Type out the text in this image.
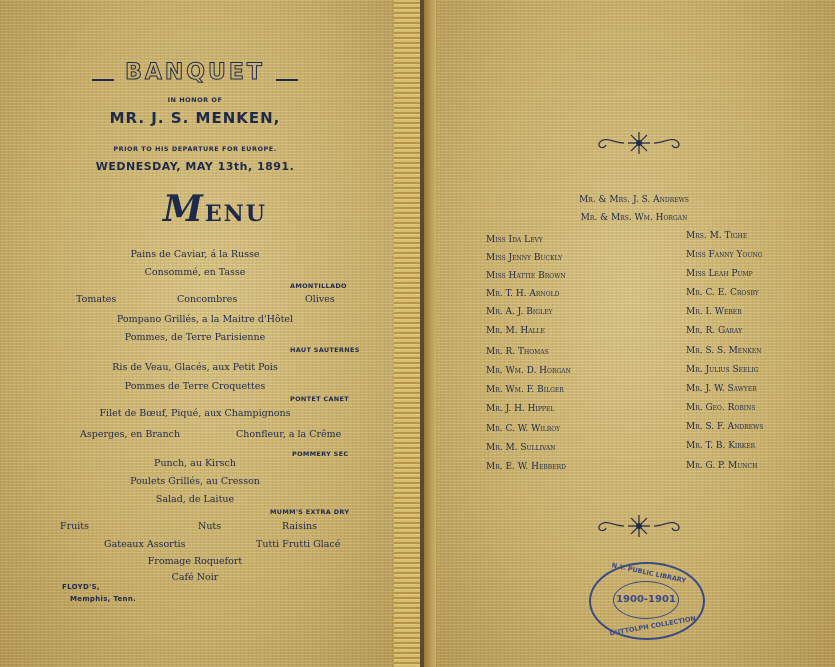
BANQUET
IN HONOR OF
MR. J. S. MENKEN,
PRIOR TO HIS DEPARTURE FOR EUROPE.
WEDNESDAY, MAY 13th, 1891.
MENU
Pains de Caviar, á la Russe
Consommé, en Tasse
AMONTILLADO
Tomates	Concombres	Olives
Pompano Grillés, a la Maitre d'Hôtel
Pommes, de Terre Parisienne
HAUT SAUTERNES
Ris de Veau, Glacés, aux Petit Pois
Pommes de Terre Croquettes
PONTET CANET
Filet de Bœuf, Piqué, aux Champignons
Asperges, en Branch	Chonfleur, a la Crême
POMMERY SEC
Punch, au Kirsch
Poulets Grillés, au Cresson
Salad, de Laitue
MUMM'S EXTRA DRY
Fruits	Nuts	Raisins
Gateaux Assortis	Tutti Frutti Glacé
Fromage Roquefort
Café Noir
FLOYD'S,
Memphis, Tenn.
Mr. & Mrs. J. S. Andrews
Mr. & Mrs. Wm. Horgan
Miss Ida Levy
Miss Jenny Buckly
Miss Hattie Brown
Mr. T. H. Arnold
Mr. A. J. Bigley
Mr. M. Halle
Mr. R. Thomas
Mr. Wm. D. Horgan
Mr. Wm. F. Bilger
Mr. J. H. Hippel
Mr. C. W. Wilroy
Mr. M. Sullivan
Mr. E. W. Hebberd
Mrs. M. Tighe
Miss Fanny Young
Miss Leah Pump
Mr. C. E. Crosby
Mr. I. Weber
Mr. R. Garay
Mr. S. S. Menken
Mr. Julius Seelig
Mr. J. W. Sawyer
Mr. Geo. Robins
Mr. S. F. Andrews
Mr. T. B. Kirker
Mr. G. P. Munch
N.Y. PUBLIC LIBRARY
1900-1901
DUTTOLPH COLLECTION
